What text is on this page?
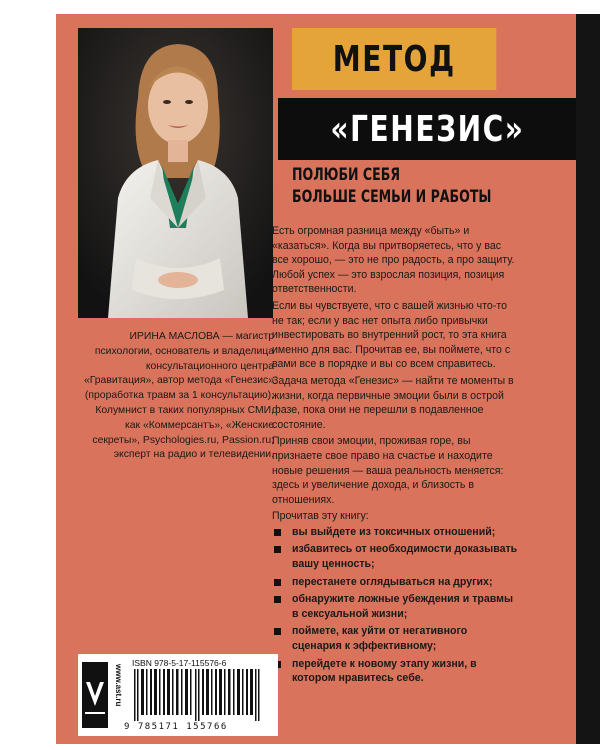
МЕТОД
«ГЕНЕЗИС»
ПОЛЮБИ СЕБЯ
БОЛЬШЕ СЕМЬИ И РАБОТЫ

Есть огромная разница между «быть» и «казаться». Когда вы притворяетесь, что у вас все хорошо, — это не про радость, а про защиту. Любой успех — это взрослая позиция, позиция ответственности.

Если вы чувствуете, что с вашей жизнью что-то не так; если у вас нет опыта либо привычки инвестировать во внутренний рост, то эта книга именно для вас. Прочитав ее, вы поймете, что с вами все в порядке и вы со всем справитесь.

Задача метода «Генезис» — найти те моменты в жизни, когда первичные эмоции были в острой фазе, пока они не перешли в подавленное состояние.

Приняв свои эмоции, проживая горе, вы признаете свое право на счастье и находите новые решения — ваша реальность меняется: здесь и увеличение дохода, и близость в отношениях.

Прочитав эту книгу:
вы выйдете из токсичных отношений;
избавитесь от необходимости доказывать вашу ценность;
перестанете оглядываться на других;
обнаружите ложные убеждения и травмы в сексуальной жизни;
поймете, как уйти от негативного сценария к эффективному;
перейдете к новому этапу жизни, в котором нравитесь себе.
ИРИНА МАСЛОВА — магистр психологии, основатель и владелица консультационного центра «Гравитация», автор метода «Генезис» (проработка травм за 1 консультацию). Колумнист в таких популярных СМИ, как «Коммерсантъ», «Женские секреты», Psychologies.ru, Passion.ru; эксперт на радио и телевидении.
www.ast.ru
ISBN 978-5-17-115576-6
9 785171 155766
